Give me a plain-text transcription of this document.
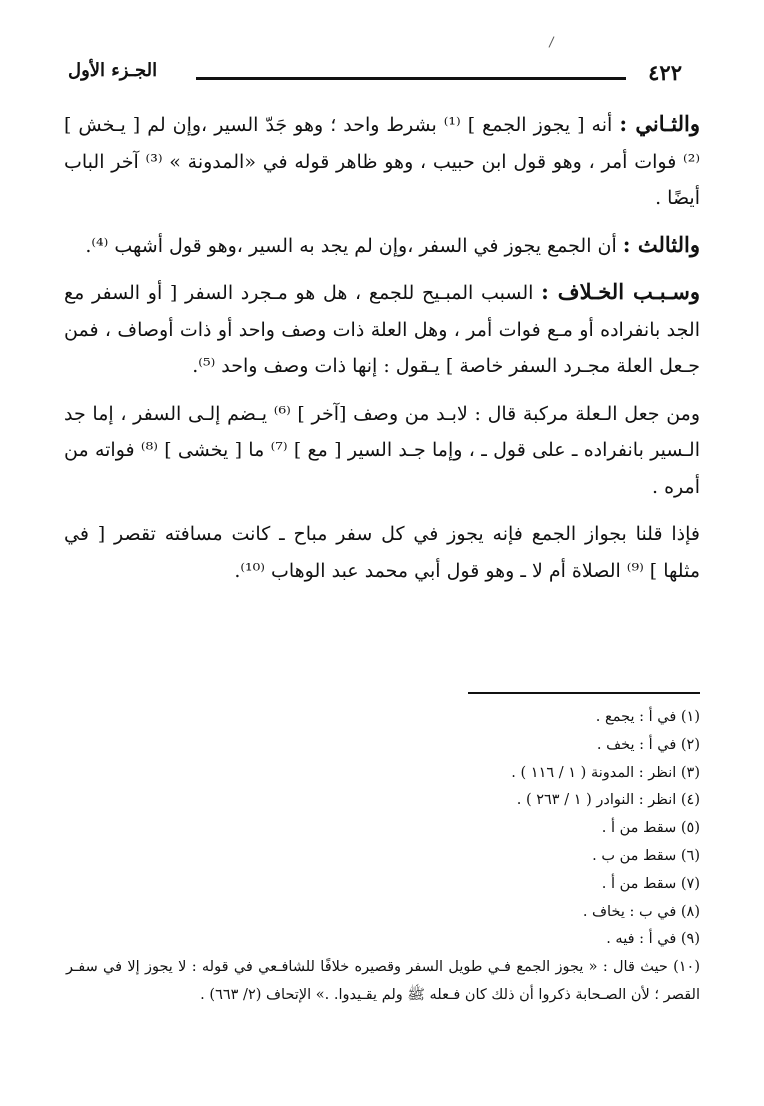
٤٢٢
الجـزء الأول

والثـاني : أنه [ يجوز الجمع ] ⁽¹⁾ بشرط واحد ؛ وهو جَدّ السير ،وإن لم [ يـخش ] ⁽²⁾ فوات أمر ، وهو قول ابن حبيب ، وهو ظاهر قوله في «المدونة » ⁽³⁾ آخر الباب أيضًا .

والثالث : أن الجمع يجوز في السفر ،وإن لم يجد به السير ،وهو قول أشهب ⁽⁴⁾.

وسـبـب الخـلاف : السبب المبـيح للجمع ، هل هو مـجرد السفر [ أو السفر مع الجد بانفراده أو مـع فوات أمر ، وهل العلة ذات وصف واحد أو ذات أوصاف ، فمن جـعل العلة مجـرد السفر خاصة ] يـقول : إنها ذات وصف واحد ⁽⁵⁾.

ومن جعل الـعلة مركبة قال : لابـد من وصف [آخر ] ⁽⁶⁾ يـضم إلـى السفر ، إما جد الـسير بانفراده ـ على قول ـ ، وإما جـد السير [ مع ] ⁽⁷⁾ ما [ يخشى ] ⁽⁸⁾ فواته من أمره .

فإذا قلنا بجواز الجمع فإنه يجوز في كل سفر مباح ـ كانت مسافته تقصر [ في مثلها ] ⁽⁹⁾ الصلاة أم لا ـ وهو قول أبي محمد عبد الوهاب ⁽¹⁰⁾.

(١) في أ : يجمع .
(٢) في أ : يخف .
(٣) انظر : المدونة ( ١ / ١١٦ ) .
(٤) انظر : النوادر ( ١ / ٢٦٣ ) .
(٥) سقط من أ .
(٦) سقط من ب .
(٧) سقط من أ .
(٨) في ب : يخاف .
(٩) في أ : فيه .
(١٠) حيث قال : « يجوز الجمع فـي طويل السفر وقصيره خلافًا للشافـعي في قوله : لا يجوز إلا في سفـر القصر ؛ لأن الصـحابة ذكروا أن ذلك كان فـعله ﷺ ولم يقـيدوا. .» الإتحاف (٢/ ٦٦٣) .
